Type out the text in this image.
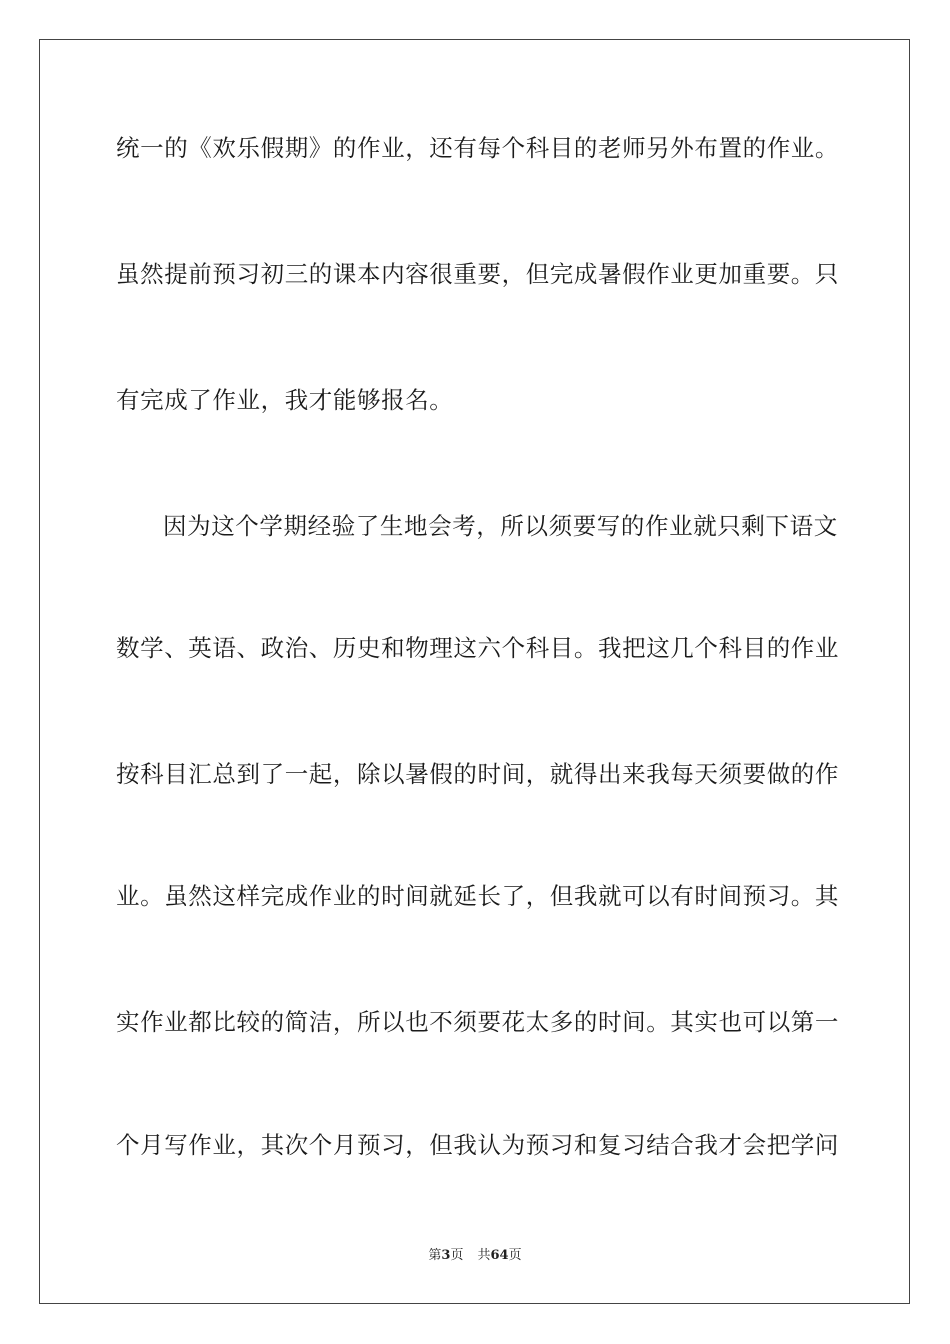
统一的《欢乐假期》的作业，还有每个科目的老师另外布置的作业。
虽然提前预习初三的课本内容很重要，但完成暑假作业更加重要。只
有完成了作业，我才能够报名。
因为这个学期经验了生地会考，所以须要写的作业就只剩下语文
数学、英语、政治、历史和物理这六个科目。我把这几个科目的作业
按科目汇总到了一起，除以暑假的时间，就得出来我每天须要做的作
业。虽然这样完成作业的时间就延长了，但我就可以有时间预习。其
实作业都比较的简洁，所以也不须要花太多的时间。其实也可以第一
个月写作业，其次个月预习，但我认为预习和复习结合我才会把学问
第3页 共64页
